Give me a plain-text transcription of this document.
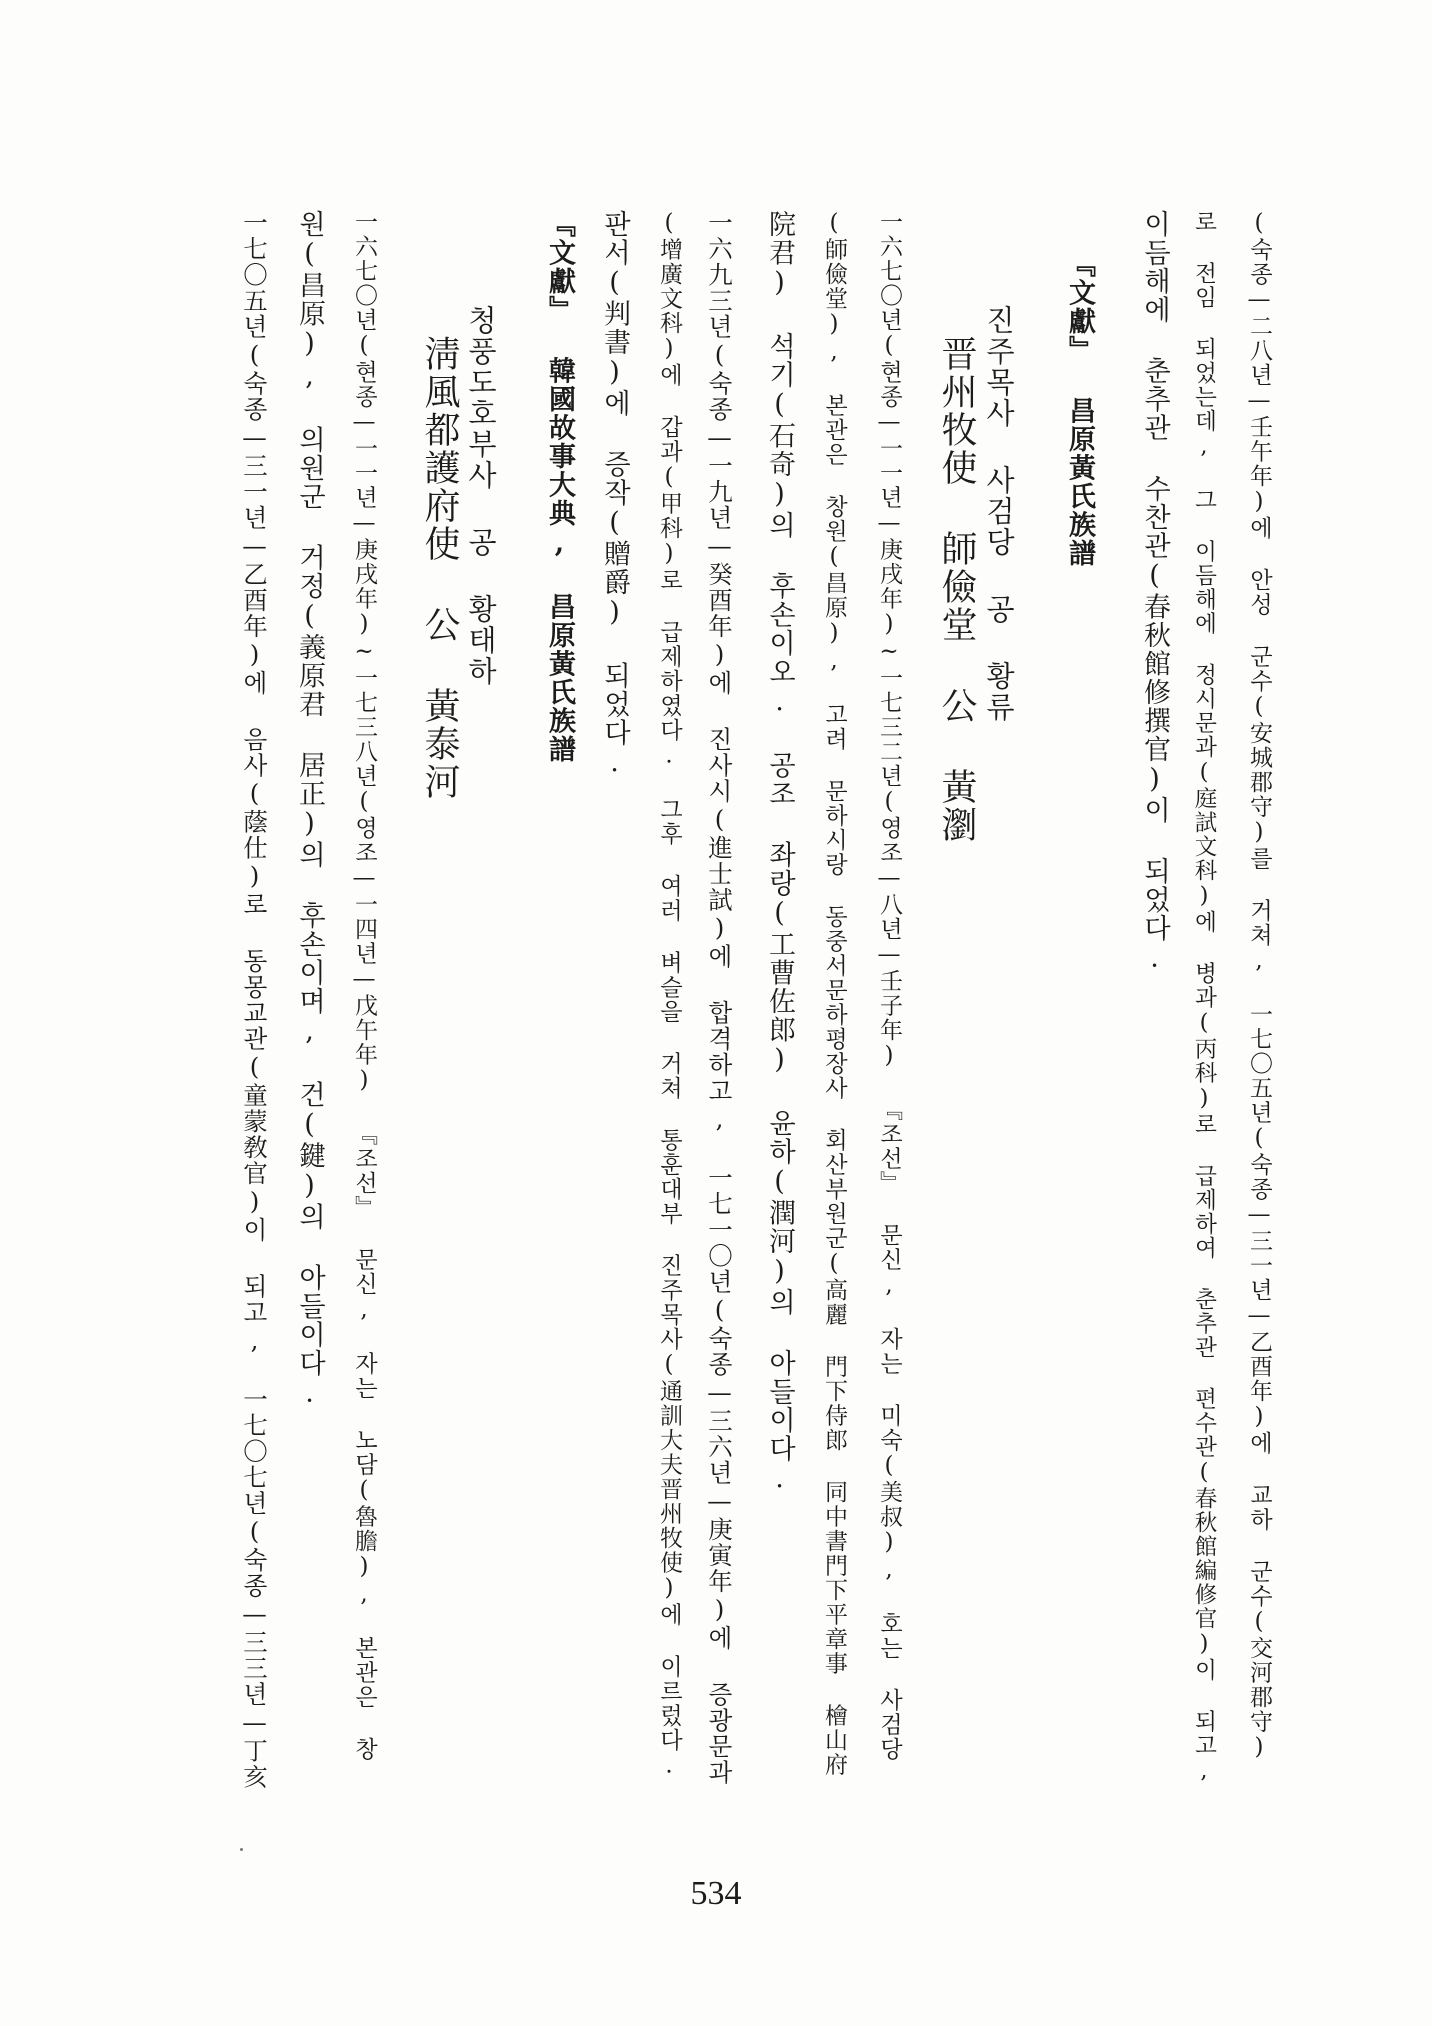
(숙종—二八년—壬午年)에 안성 군수(安城郡守)를 거쳐, 一七〇五년(숙종—三一년—乙酉年)에 교하 군수(交河郡守)
로 전임 되었는데, 그 이듬해에 정시문과(庭試文科)에 병과(丙科)로 급제하여 춘추관 편수관(春秋館編修官)이 되고,
이듬해에 춘추관 수찬관(春秋館修撰官)이 되었다.
『文獻』 昌原黃氏族譜
진주목사 사검당 공 황류
晋州牧使 師儉堂 公 黃瀏
一六七〇년(현종—一一년—庚戌年)~一七三二년(영조—八년—壬子年) 『조선』 문신, 자는 미숙(美叔), 호는 사검당
(師儉堂), 본관은 창원(昌原), 고려 문하시랑 동중서문하평장사 회산부원군(高麗 門下侍郎 同中書門下平章事 檜山府
院君) 석기(石奇)의 후손이오. 공조 좌랑(工曹佐郎) 윤하(潤河)의 아들이다.
一六九三년(숙종—一九년—癸酉年)에 진사시(進士試)에 합격하고, 一七一〇년(숙종—三六년—庚寅年)에 증광문과
(增廣文科)에 갑과(甲科)로 급제하였다. 그후 여러 벼슬을 거쳐 통훈대부 진주목사(通訓大夫晋州牧使)에 이르렀다.
판서(判書)에 증작(贈爵) 되었다.
『文獻』 韓國故事大典, 昌原黃氏族譜
청풍도호부사 공 황태하
淸風都護府使 公 黃泰河
一六七〇년(현종—一一년—庚戌年)~一七三八년(영조—一四년—戊午年) 『조선』 문신, 자는 노담(魯膽), 본관은 창
원(昌原), 의원군 거정(義原君 居正)의 후손이며, 건(鍵)의 아들이다.
一七〇五년(숙종—三一년—乙酉年)에 음사(蔭仕)로 동몽교관(童蒙敎官)이 되고, 一七〇七년(숙종—三三년—丁亥
534
